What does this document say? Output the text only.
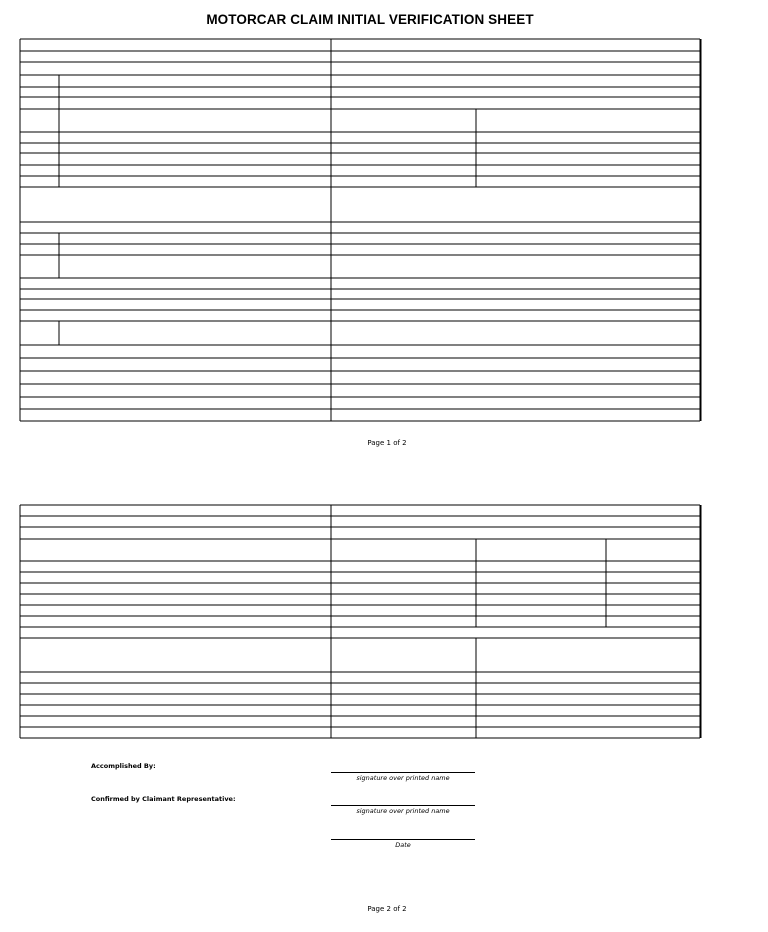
MOTORCAR CLAIM INITIAL VERIFICATION SHEET
Page 1 of 2
Accomplished By:
signature over printed name
Confirmed by Claimant Representative:
signature over printed name
Date
Page 2 of 2
